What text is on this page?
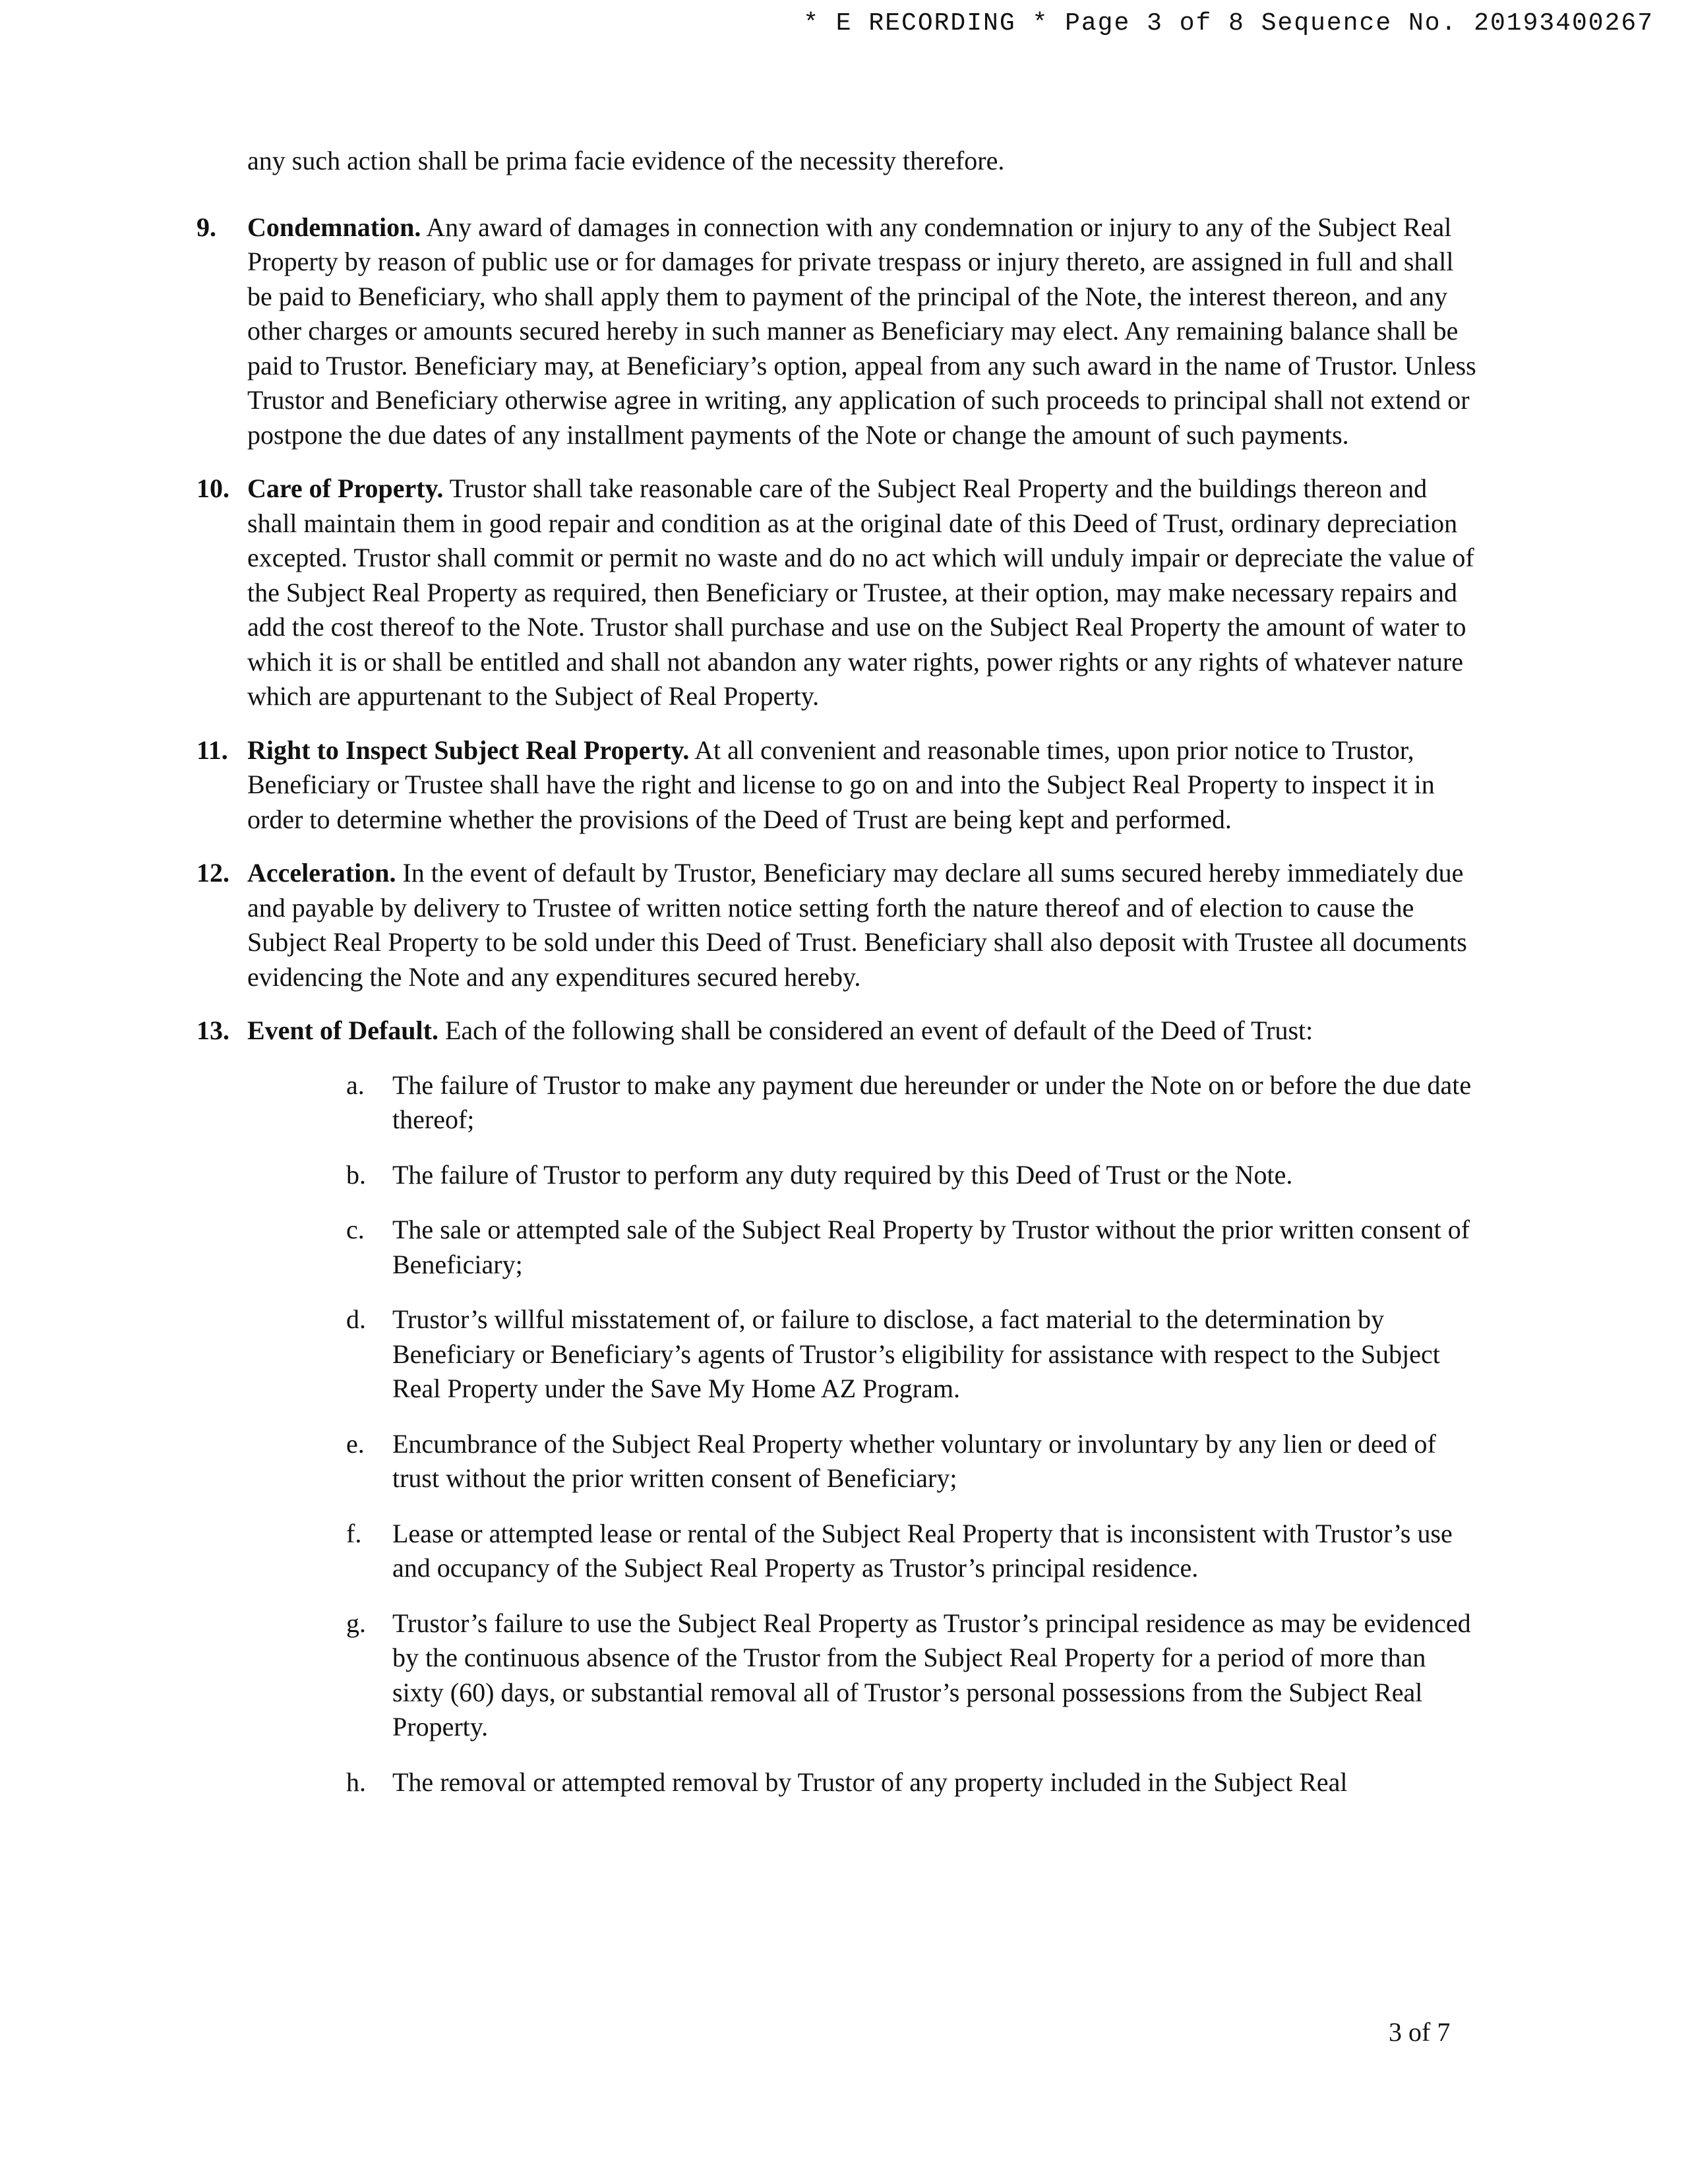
* E RECORDING * Page 3 of 8 Sequence No. 20193400267

any such action shall be prima facie evidence of the necessity therefore.

9. Condemnation. Any award of damages in connection with any condemnation or injury to any of the Subject Real Property by reason of public use or for damages for private trespass or injury thereto, are assigned in full and shall be paid to Beneficiary, who shall apply them to payment of the principal of the Note, the interest thereon, and any other charges or amounts secured hereby in such manner as Beneficiary may elect. Any remaining balance shall be paid to Trustor. Beneficiary may, at Beneficiary’s option, appeal from any such award in the name of Trustor. Unless Trustor and Beneficiary otherwise agree in writing, any application of such proceeds to principal shall not extend or postpone the due dates of any installment payments of the Note or change the amount of such payments.
10. Care of Property. Trustor shall take reasonable care of the Subject Real Property and the buildings thereon and shall maintain them in good repair and condition as at the original date of this Deed of Trust, ordinary depreciation excepted. Trustor shall commit or permit no waste and do no act which will unduly impair or depreciate the value of the Subject Real Property as required, then Beneficiary or Trustee, at their option, may make necessary repairs and add the cost thereof to the Note. Trustor shall purchase and use on the Subject Real Property the amount of water to which it is or shall be entitled and shall not abandon any water rights, power rights or any rights of whatever nature which are appurtenant to the Subject of Real Property.
11. Right to Inspect Subject Real Property. At all convenient and reasonable times, upon prior notice to Trustor, Beneficiary or Trustee shall have the right and license to go on and into the Subject Real Property to inspect it in order to determine whether the provisions of the Deed of Trust are being kept and performed.
12. Acceleration. In the event of default by Trustor, Beneficiary may declare all sums secured hereby immediately due and payable by delivery to Trustee of written notice setting forth the nature thereof and of election to cause the Subject Real Property to be sold under this Deed of Trust. Beneficiary shall also deposit with Trustee all documents evidencing the Note and any expenditures secured hereby.
13. Event of Default. Each of the following shall be considered an event of default of the Deed of Trust:
a. The failure of Trustor to make any payment due hereunder or under the Note on or before the due date thereof;
b. The failure of Trustor to perform any duty required by this Deed of Trust or the Note.
c. The sale or attempted sale of the Subject Real Property by Trustor without the prior written consent of Beneficiary;
d. Trustor’s willful misstatement of, or failure to disclose, a fact material to the determination by Beneficiary or Beneficiary’s agents of Trustor’s eligibility for assistance with respect to the Subject Real Property under the Save My Home AZ Program.
e. Encumbrance of the Subject Real Property whether voluntary or involuntary by any lien or deed of trust without the prior written consent of Beneficiary;
f. Lease or attempted lease or rental of the Subject Real Property that is inconsistent with Trustor’s use and occupancy of the Subject Real Property as Trustor’s principal residence.
g. Trustor’s failure to use the Subject Real Property as Trustor’s principal residence as may be evidenced by the continuous absence of the Trustor from the Subject Real Property for a period of more than sixty (60) days, or substantial removal all of Trustor’s personal possessions from the Subject Real Property.
h. The removal or attempted removal by Trustor of any property included in the Subject Real
3 of 7
